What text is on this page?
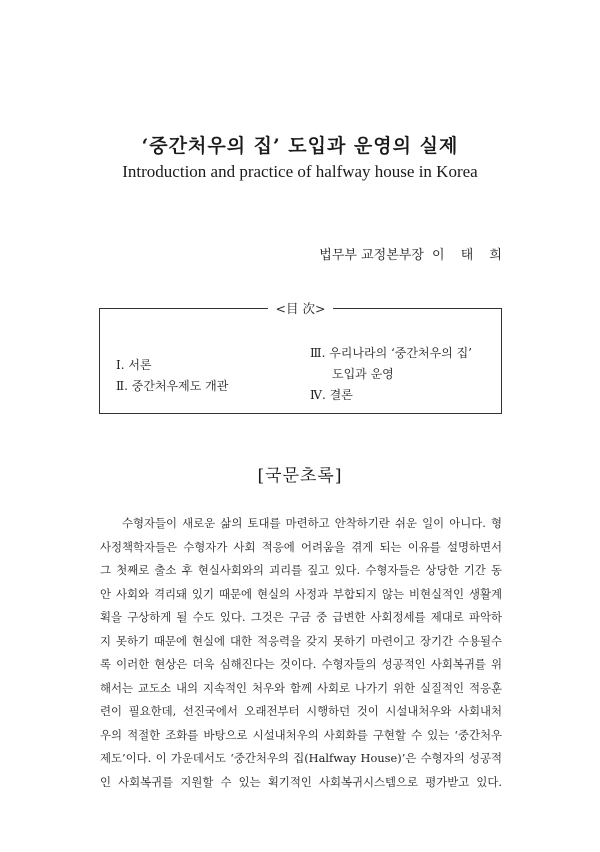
‘중간처우의 집’ 도입과 운영의 실제
Introduction and practice of halfway house in Korea
법무부 교정본부장 이 태 희
<目 次>
Ⅰ. 서론
Ⅱ. 중간처우제도 개관
Ⅲ. 우리나라의 ‘중간처우의 집’
도입과 운영
Ⅳ. 결론
[국문초록]
수형자들이 새로운 삶의 토대를 마련하고 안착하기란 쉬운 일이 아니다. 형
사정책학자들은 수형자가 사회 적응에 어려움을 겪게 되는 이유를 설명하면서
그 첫째로 출소 후 현실사회와의 괴리를 짚고 있다. 수형자들은 상당한 기간 동
안 사회와 격리돼 있기 때문에 현실의 사정과 부합되지 않는 비현실적인 생활계
획을 구상하게 될 수도 있다. 그것은 구금 중 급변한 사회정세를 제대로 파악하
지 못하기 때문에 현실에 대한 적응력을 갖지 못하기 마련이고 장기간 수용될수
록 이러한 현상은 더욱 심해진다는 것이다. 수형자들의 성공적인 사회복귀를 위
해서는 교도소 내의 지속적인 처우와 함께 사회로 나가기 위한 실질적인 적응훈
련이 필요한데, 선진국에서 오래전부터 시행하던 것이 시설내처우와 사회내처
우의 적절한 조화를 바탕으로 시설내처우의 사회화를 구현할 수 있는 ‘중간처우
제도’이다. 이 가운데서도 ‘중간처우의 집(Halfway House)’은 수형자의 성공적
인 사회복귀를 지원할 수 있는 획기적인 사회복귀시스템으로 평가받고 있다.
